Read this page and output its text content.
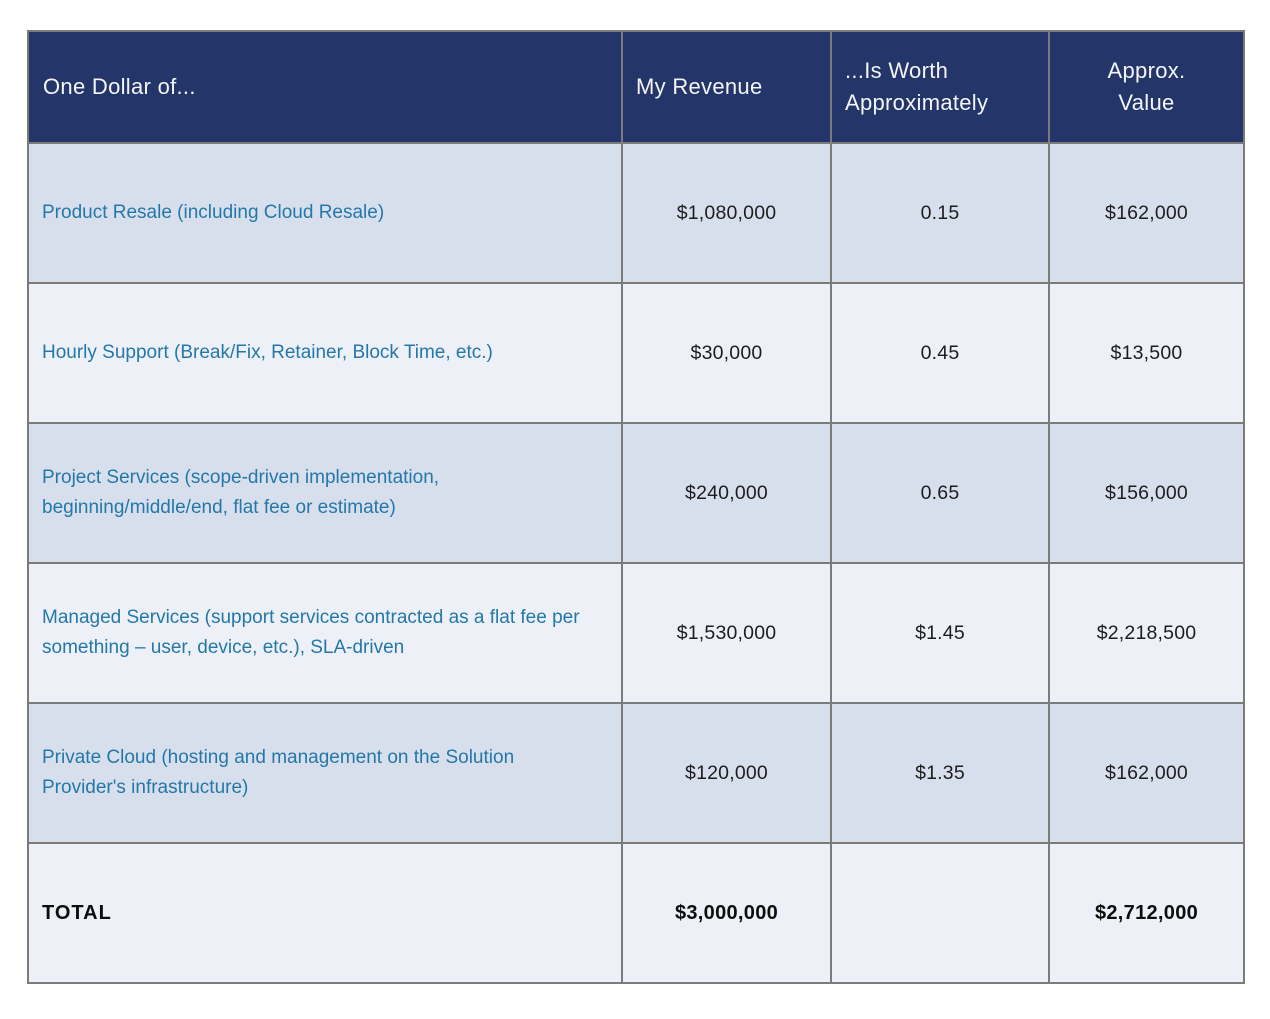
One Dollar of...	My Revenue	...Is Worth Approximately	Approx. Value
Product Resale (including Cloud Resale)	$1,080,000	0.15	$162,000
Hourly Support (Break/Fix, Retainer, Block Time, etc.)	$30,000	0.45	$13,500
Project Services (scope-driven implementation, beginning/middle/end, flat fee or estimate)	$240,000	0.65	$156,000
Managed Services (support services contracted as a flat fee per something – user, device, etc.), SLA-driven	$1,530,000	$1.45	$2,218,500
Private Cloud (hosting and management on the Solution Provider's infrastructure)	$120,000	$1.35	$162,000
TOTAL	$3,000,000		$2,712,000
